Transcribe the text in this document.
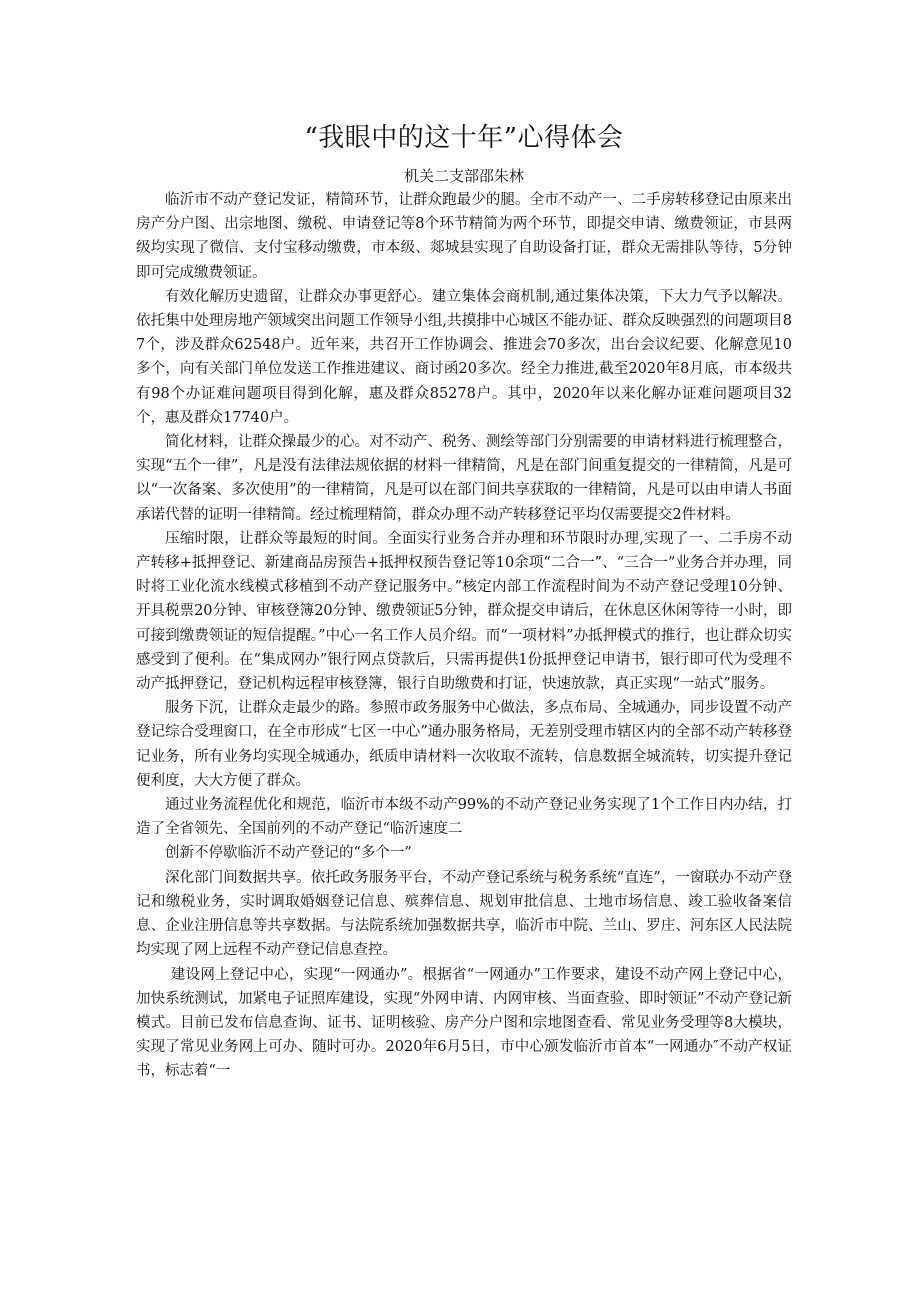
“我眼中的这十年”心得体会

机关二支部邵朱林

临沂市不动产登记发证，精简环节，让群众跑最少的腿。全市不动产一、二手房转移登记由原来出房产分户图、出宗地图、缴税、申请登记等8个环节精简为两个环节，即提交申请、缴费领证，市县两级均实现了微信、支付宝移动缴费，市本级、郯城县实现了自助设备打证，群众无需排队等待，5分钟即可完成缴费领证。

有效化解历史遗留，让群众办事更舒心。建立集体会商机制,通过集体决策，下大力气予以解决。依托集中处理房地产领域突出问题工作领导小组,共摸排中心城区不能办证、群众反映强烈的问题项目87个，涉及群众62548户。近年来，共召开工作协调会、推进会70多次，出台会议纪要、化解意见10多个，向有关部门单位发送工作推进建议、商讨函20多次。经全力推进,截至2020年8月底，市本级共有98个办证难问题项目得到化解，惠及群众85278户。其中，2020年以来化解办证难问题项目32个，惠及群众17740户。

简化材料，让群众操最少的心。对不动产、税务、测绘等部门分别需要的申请材料进行梳理整合，实现“五个一律”，凡是没有法律法规依据的材料一律精简，凡是在部门间重复提交的一律精简，凡是可以“一次备案、多次使用”的一律精简，凡是可以在部门间共享获取的一律精简，凡是可以由申请人书面承诺代替的证明一律精简。经过梳理精简，群众办理不动产转移登记平均仅需要提交2件材料。

压缩时限，让群众等最短的时间。全面实行业务合并办理和环节限时办理,实现了一、二手房不动产转移+抵押登记、新建商品房预告+抵押权预告登记等10余项“二合一”、“三合一”业务合并办理，同时将工业化流水线模式移植到不动产登记服务中。”核定内部工作流程时间为不动产登记受理10分钟、开具税票20分钟、审核登簿20分钟、缴费领证5分钟，群众提交申请后，在休息区休闲等待一小时，即可接到缴费领证的短信提醒。”中心一名工作人员介绍。而“一项材料”办抵押模式的推行，也让群众切实感受到了便利。在“集成网办”银行网点贷款后，只需再提供1份抵押登记申请书，银行即可代为受理不动产抵押登记，登记机构远程审核登簿，银行自助缴费和打证，快速放款，真正实现“一站式”服务。

服务下沉，让群众走最少的路。参照市政务服务中心做法，多点布局、全城通办，同步设置不动产登记综合受理窗口，在全市形成“七区一中心”通办服务格局，无差别受理市辖区内的全部不动产转移登记业务，所有业务均实现全城通办，纸质申请材料一次收取不流转，信息数据全城流转，切实提升登记便利度，大大方便了群众。

通过业务流程优化和规范，临沂市本级不动产99%的不动产登记业务实现了1个工作日内办结，打造了全省领先、全国前列的不动产登记“临沂速度二

创新不停歇临沂不动产登记的“多个一”

深化部门间数据共享。依托政务服务平台，不动产登记系统与税务系统“直连”，一窗联办不动产登记和缴税业务，实时调取婚姻登记信息、殡葬信息、规划审批信息、土地市场信息、竣工验收备案信息、企业注册信息等共享数据。与法院系统加强数据共享，临沂市中院、兰山、罗庄、河东区人民法院均实现了网上远程不动产登记信息查控。

建设网上登记中心，实现“一网通办”。根据省“一网通办”工作要求，建设不动产网上登记中心，加快系统测试，加紧电子证照库建设，实现“外网申请、内网审核、当面查验、即时领证”不动产登记新模式。目前已发布信息查询、证书、证明核验、房产分户图和宗地图查看、常见业务受理等8大模块，实现了常见业务网上可办、随时可办。2020年6月5日，市中心颁发临沂市首本“一网通办″不动产权证书，标志着“一
